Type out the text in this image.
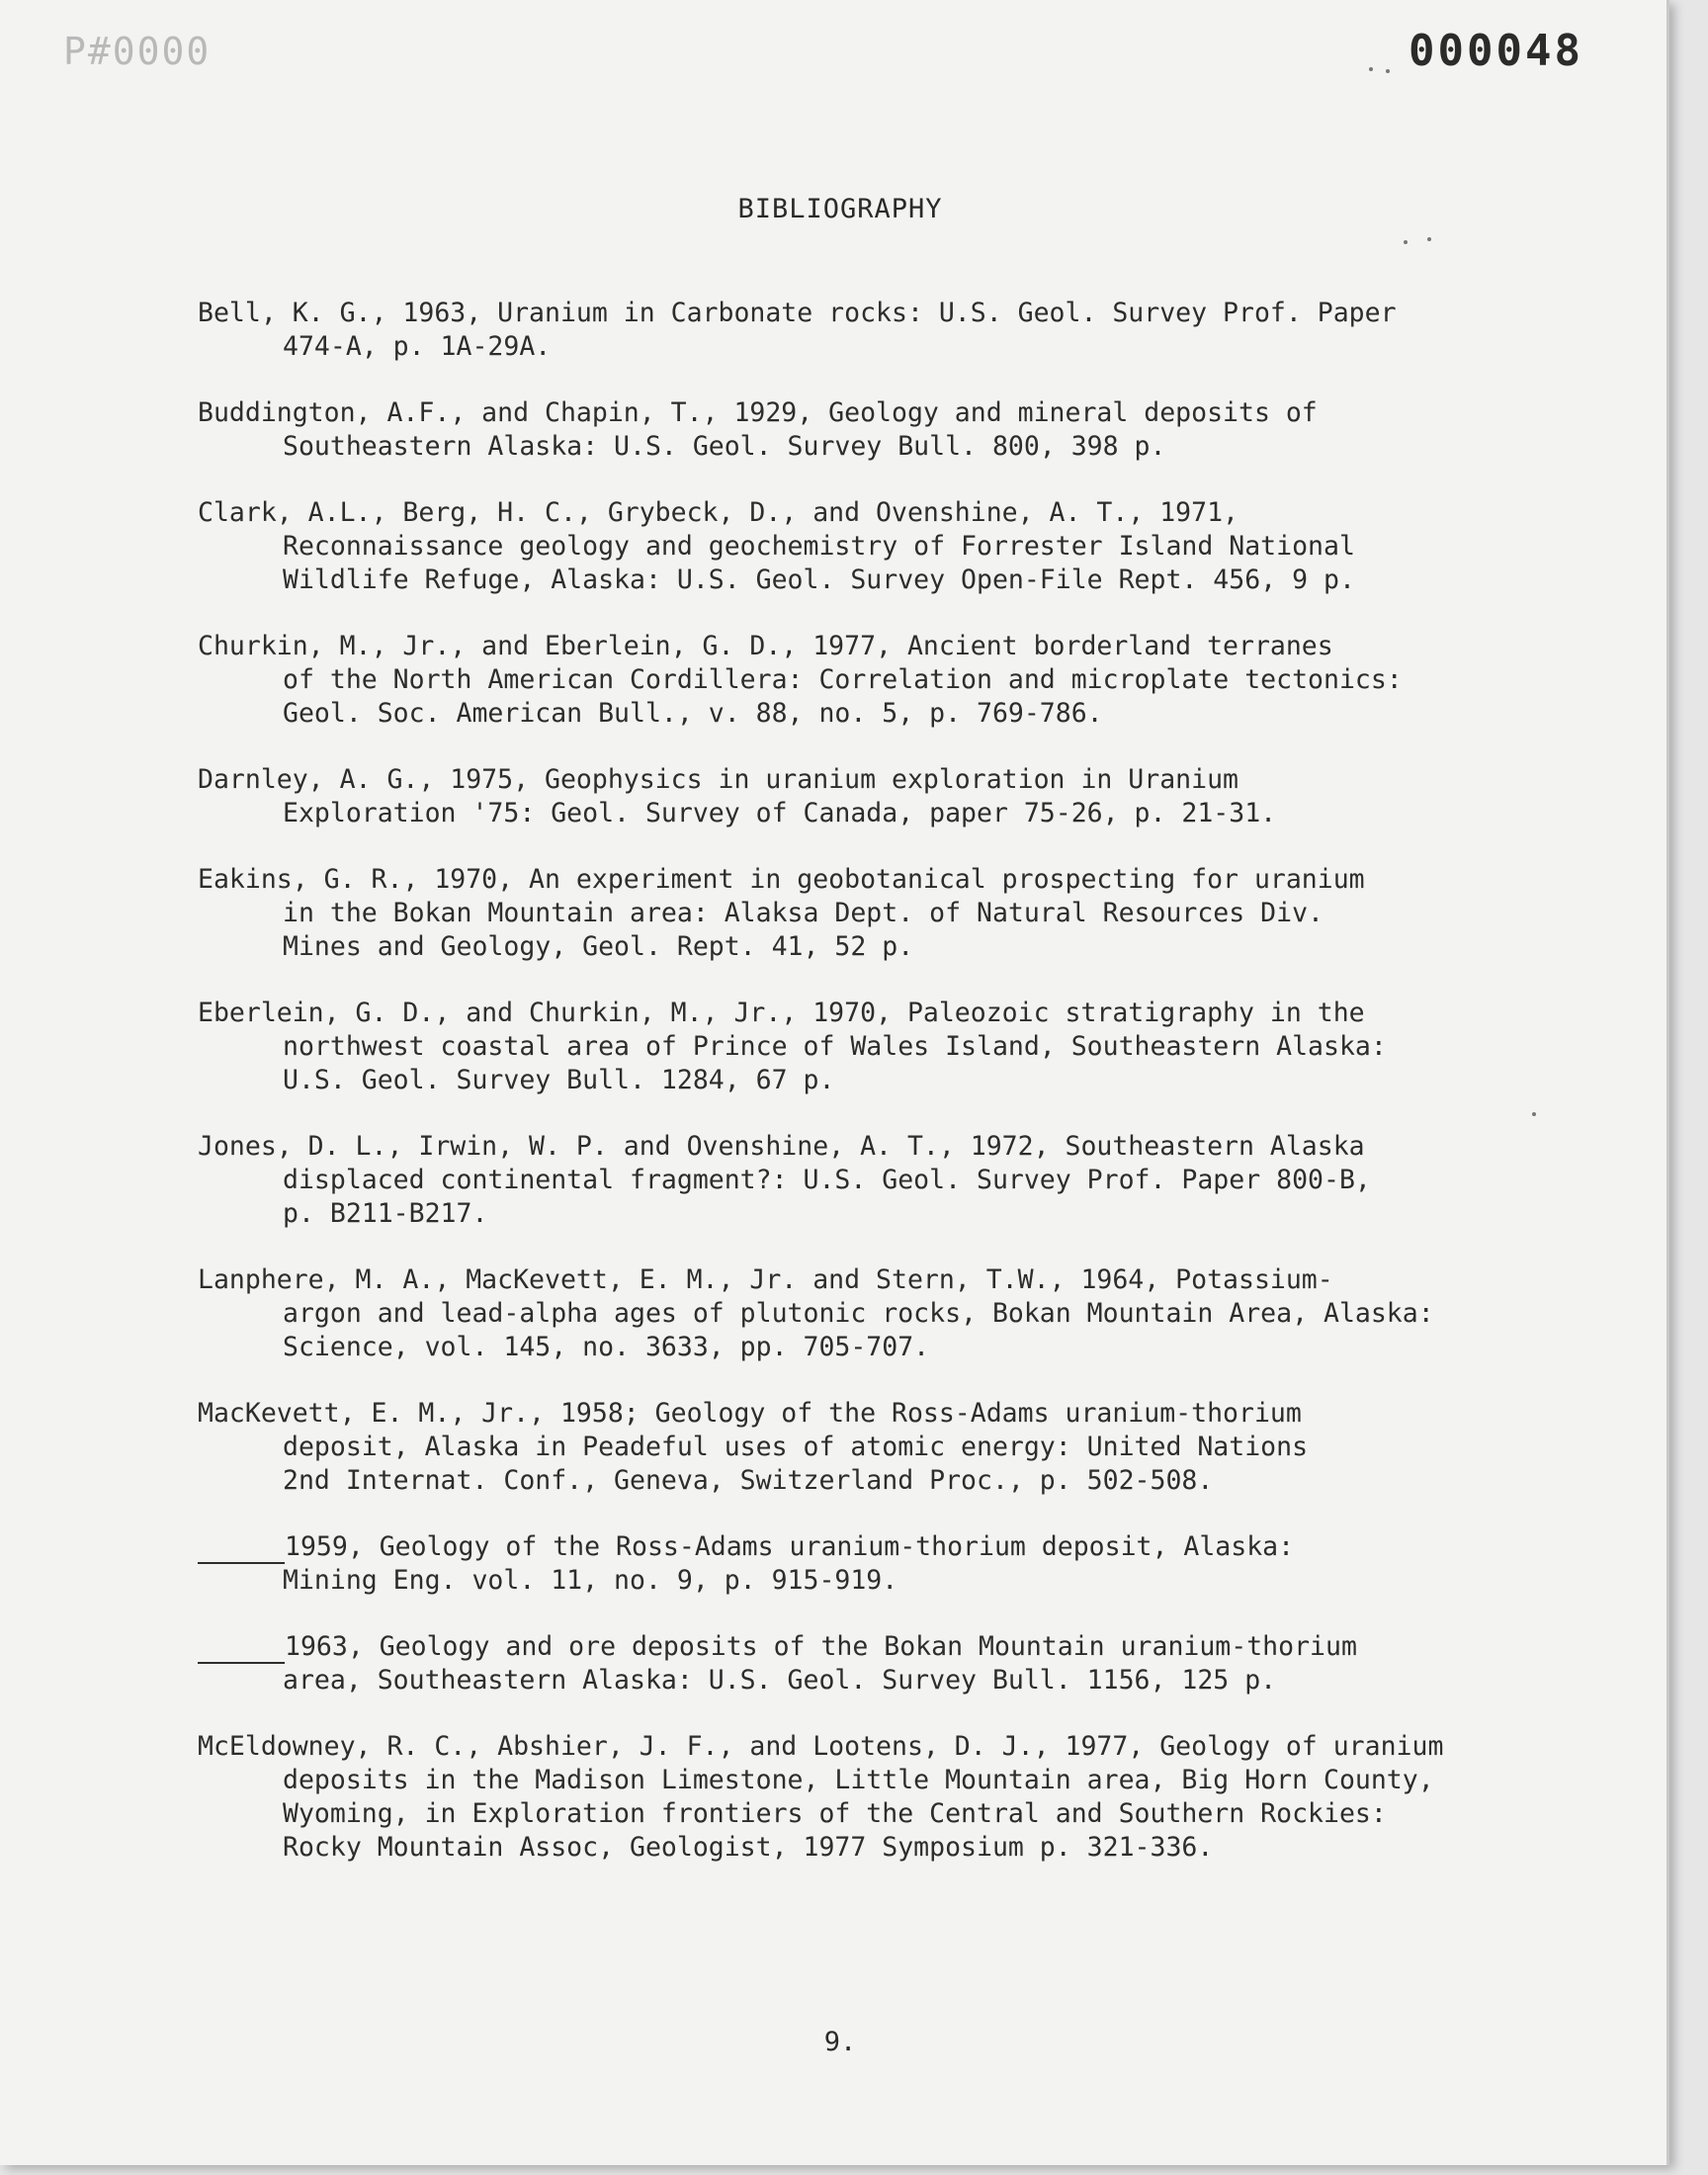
P#0000	000048
BIBLIOGRAPHY
Bell, K. G., 1963, Uranium in Carbonate rocks: U.S. Geol. Survey Prof. Paper
474-A, p. 1A-29A.
Buddington, A.F., and Chapin, T., 1929, Geology and mineral deposits of
Southeastern Alaska: U.S. Geol. Survey Bull. 800, 398 p.
Clark, A.L., Berg, H. C., Grybeck, D., and Ovenshine, A. T., 1971,
Reconnaissance geology and geochemistry of Forrester Island National
Wildlife Refuge, Alaska: U.S. Geol. Survey Open-File Rept. 456, 9 p.
Churkin, M., Jr., and Eberlein, G. D., 1977, Ancient borderland terranes
of the North American Cordillera: Correlation and microplate tectonics:
Geol. Soc. American Bull., v. 88, no. 5, p. 769-786.
Darnley, A. G., 1975, Geophysics in uranium exploration in Uranium
Exploration '75: Geol. Survey of Canada, paper 75-26, p. 21-31.
Eakins, G. R., 1970, An experiment in geobotanical prospecting for uranium
in the Bokan Mountain area: Alaksa Dept. of Natural Resources Div.
Mines and Geology, Geol. Rept. 41, 52 p.
Eberlein, G. D., and Churkin, M., Jr., 1970, Paleozoic stratigraphy in the
northwest coastal area of Prince of Wales Island, Southeastern Alaska:
U.S. Geol. Survey Bull. 1284, 67 p.
Jones, D. L., Irwin, W. P. and Ovenshine, A. T., 1972, Southeastern Alaska
displaced continental fragment?: U.S. Geol. Survey Prof. Paper 800-B,
p. B211-B217.
Lanphere, M. A., MacKevett, E. M., Jr. and Stern, T.W., 1964, Potassium-
argon and lead-alpha ages of plutonic rocks, Bokan Mountain Area, Alaska:
Science, vol. 145, no. 3633, pp. 705-707.
MacKevett, E. M., Jr., 1958; Geology of the Ross-Adams uranium-thorium
deposit, Alaska in Peadeful uses of atomic energy: United Nations
2nd Internat. Conf., Geneva, Switzerland Proc., p. 502-508.
1959, Geology of the Ross-Adams uranium-thorium deposit, Alaska:
Mining Eng. vol. 11, no. 9, p. 915-919.
1963, Geology and ore deposits of the Bokan Mountain uranium-thorium
area, Southeastern Alaska: U.S. Geol. Survey Bull. 1156, 125 p.
McEldowney, R. C., Abshier, J. F., and Lootens, D. J., 1977, Geology of uranium
deposits in the Madison Limestone, Little Mountain area, Big Horn County,
Wyoming, in Exploration frontiers of the Central and Southern Rockies:
Rocky Mountain Assoc, Geologist, 1977 Symposium p. 321-336.
9.
